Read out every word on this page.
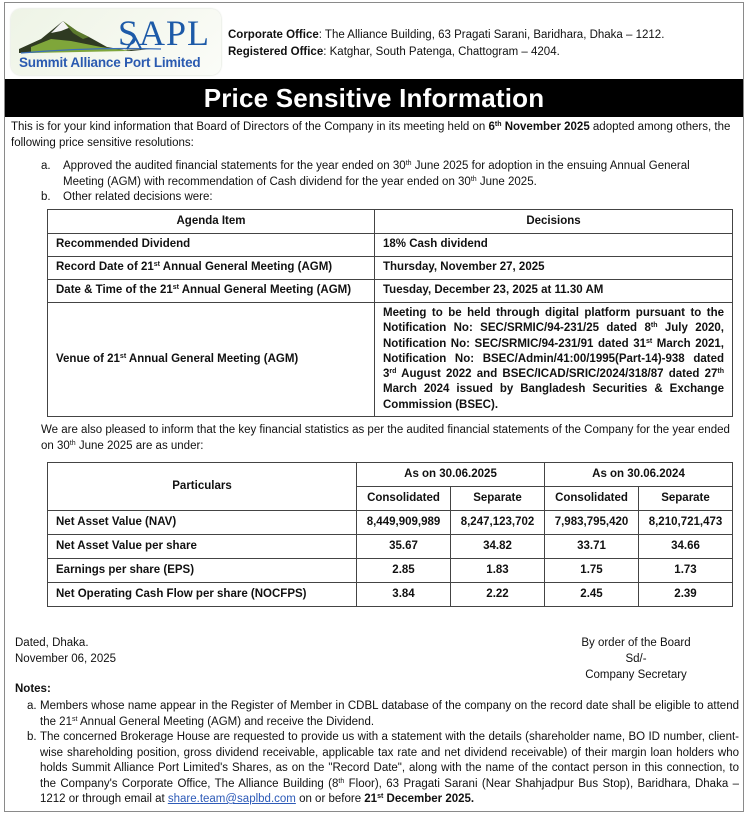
SAPL
Summit Alliance Port Limited
Corporate Office: The Alliance Building, 63 Pragati Sarani, Baridhara, Dhaka – 1212.
Registered Office: Katghar, South Patenga, Chattogram – 4204.
Price Sensitive Information
This is for your kind information that Board of Directors of the Company in its meeting held on 6th November 2025 adopted among others, the following price sensitive resolutions:
a. Approved the audited financial statements for the year ended on 30th June 2025 for adoption in the ensuing Annual General Meeting (AGM) with recommendation of Cash dividend for the year ended on 30th June 2025.
b. Other related decisions were:
Agenda Item	Decisions
Recommended Dividend	18% Cash dividend
Record Date of 21st Annual General Meeting (AGM)	Thursday, November 27, 2025
Date & Time of the 21st Annual General Meeting (AGM)	Tuesday, December 23, 2025 at 11.30 AM
Venue of 21st Annual General Meeting (AGM)	Meeting to be held through digital platform pursuant to the Notification No: SEC/SRMIC/94-231/25 dated 8th July 2020, Notification No: SEC/SRMIC/94-231/91 dated 31st March 2021, Notification No: BSEC/Admin/41:00/1995(Part-14)-938 dated 3rd August 2022 and BSEC/ICAD/SRIC/2024/318/87 dated 27th March 2024 issued by Bangladesh Securities & Exchange Commission (BSEC).
We are also pleased to inform that the key financial statistics as per the audited financial statements of the Company for the year ended on 30th June 2025 are as under:
Particulars	As on 30.06.2025		As on 30.06.2024	
	Consolidated	Separate	Consolidated	Separate
Net Asset Value (NAV)	8,449,909,989	8,247,123,702	7,983,795,420	8,210,721,473
Net Asset Value per share	35.67	34.82	33.71	34.66
Earnings per share (EPS)	2.85	1.83	1.75	1.73
Net Operating Cash Flow per share (NOCFPS)	3.84	2.22	2.45	2.39
Dated, Dhaka.
November 06, 2025
By order of the Board
Sd/-
Company Secretary
Notes:
a. Members whose name appear in the Register of Member in CDBL database of the company on the record date shall be eligible to attend the 21st Annual General Meeting (AGM) and receive the Dividend.
b. The concerned Brokerage House are requested to provide us with a statement with the details (shareholder name, BO ID number, client-wise shareholding position, gross dividend receivable, applicable tax rate and net dividend receivable) of their margin loan holders who holds Summit Alliance Port Limited's Shares, as on the "Record Date", along with the name of the contact person in this connection, to the Company's Corporate Office, The Alliance Building (8th Floor), 63 Pragati Sarani (Near Shahjadpur Bus Stop), Baridhara, Dhaka – 1212 or through email at share.team@saplbd.com on or before 21st December 2025.
